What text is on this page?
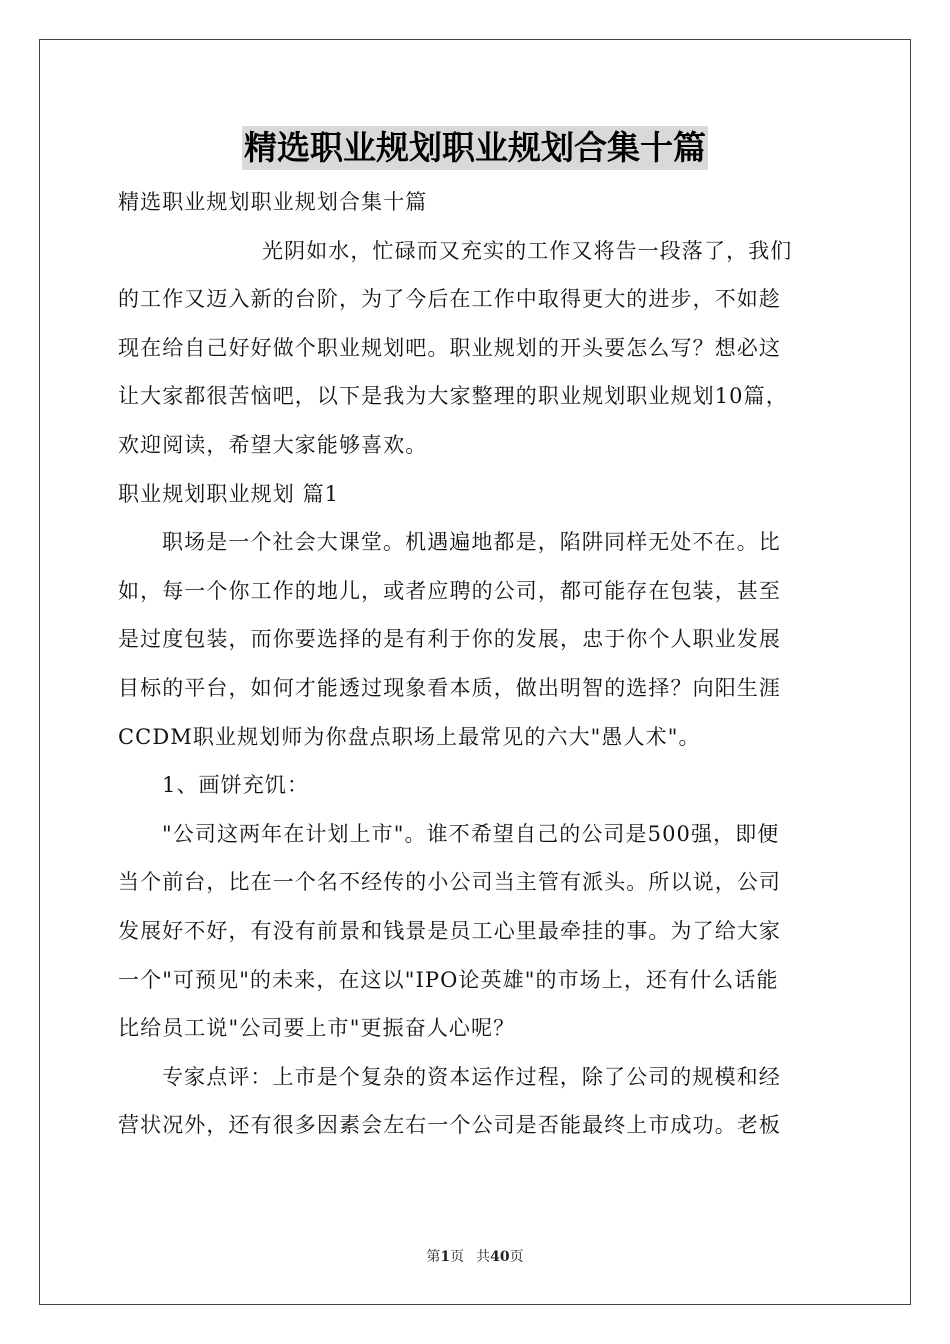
精选职业规划职业规划合集十篇
精选职业规划职业规划合集十篇
光阴如水，忙碌而又充实的工作又将告一段落了，我们
的工作又迈入新的台阶，为了今后在工作中取得更大的进步，不如趁
现在给自己好好做个职业规划吧。职业规划的开头要怎么写？想必这
让大家都很苦恼吧，以下是我为大家整理的职业规划职业规划10篇，
欢迎阅读，希望大家能够喜欢。
职业规划职业规划 篇1
职场是一个社会大课堂。机遇遍地都是，陷阱同样无处不在。比
如，每一个你工作的地儿，或者应聘的公司，都可能存在包装，甚至
是过度包装，而你要选择的是有利于你的发展，忠于你个人职业发展
目标的平台，如何才能透过现象看本质，做出明智的选择？向阳生涯
CCDM职业规划师为你盘点职场上最常见的六大"愚人术"。
1、画饼充饥：
"公司这两年在计划上市"。谁不希望自己的公司是500强，即便
当个前台，比在一个名不经传的小公司当主管有派头。所以说，公司
发展好不好，有没有前景和钱景是员工心里最牵挂的事。为了给大家
一个"可预见"的未来，在这以"IPO论英雄"的市场上，还有什么话能
比给员工说"公司要上市"更振奋人心呢？
专家点评：上市是个复杂的资本运作过程，除了公司的规模和经
营状况外，还有很多因素会左右一个公司是否能最终上市成功。老板
第1页 共40页
